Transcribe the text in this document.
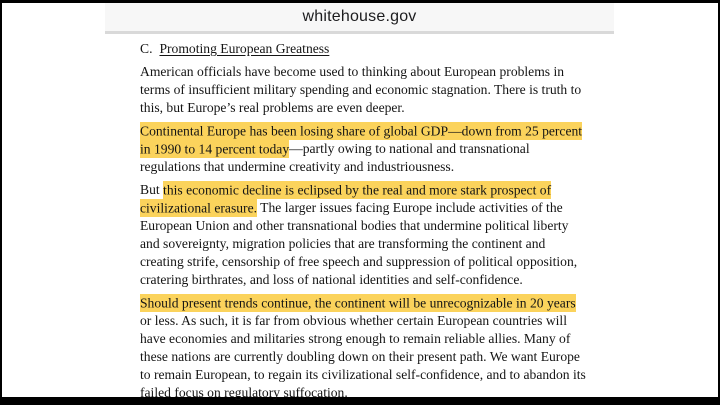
whitehouse.gov

C. Promoting European Greatness

American officials have become used to thinking about European problems in terms of insufficient military spending and economic stagnation. There is truth to this, but Europe’s real problems are even deeper.

Continental Europe has been losing share of global GDP—down from 25 percent in 1990 to 14 percent today—partly owing to national and transnational regulations that undermine creativity and industriousness.

But this economic decline is eclipsed by the real and more stark prospect of civilizational erasure. The larger issues facing Europe include activities of the European Union and other transnational bodies that undermine political liberty and sovereignty, migration policies that are transforming the continent and creating strife, censorship of free speech and suppression of political opposition, cratering birthrates, and loss of national identities and self-confidence.

Should present trends continue, the continent will be unrecognizable in 20 years or less. As such, it is far from obvious whether certain European countries will have economies and militaries strong enough to remain reliable allies. Many of these nations are currently doubling down on their present path. We want Europe to remain European, to regain its civilizational self-confidence, and to abandon its failed focus on regulatory suffocation.
